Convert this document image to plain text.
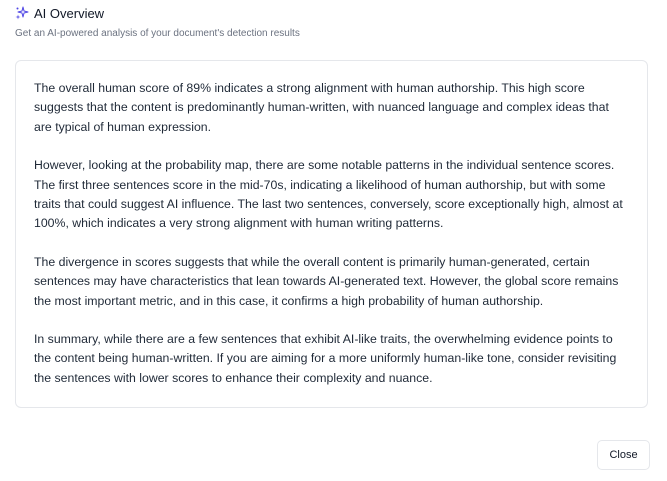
AI Overview
Get an AI-powered analysis of your document's detection results

The overall human score of 89% indicates a strong alignment with human authorship. This high score suggests that the content is predominantly human-written, with nuanced language and complex ideas that are typical of human expression.

However, looking at the probability map, there are some notable patterns in the individual sentence scores. The first three sentences score in the mid-70s, indicating a likelihood of human authorship, but with some traits that could suggest AI influence. The last two sentences, conversely, score exceptionally high, almost at 100%, which indicates a very strong alignment with human writing patterns.

The divergence in scores suggests that while the overall content is primarily human-generated, certain sentences may have characteristics that lean towards AI-generated text. However, the global score remains the most important metric, and in this case, it confirms a high probability of human authorship.

In summary, while there are a few sentences that exhibit AI-like traits, the overwhelming evidence points to the content being human-written. If you are aiming for a more uniformly human-like tone, consider revisiting the sentences with lower scores to enhance their complexity and nuance.

Close
